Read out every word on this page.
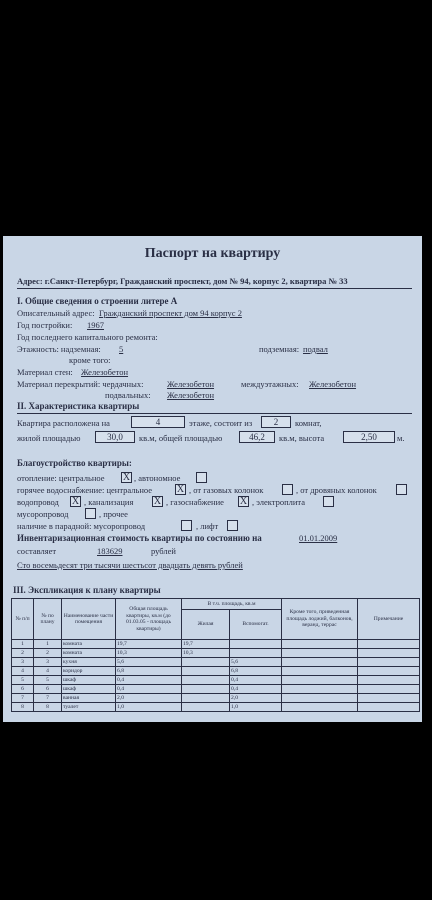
Паспорт на квартиру
Адрес: г.Санкт-Петербург, Гражданский проспект, дом № 94, корпус 2, квартира № 33
I. Общие сведения о строении литере А
Описательный адрес: Гражданский проспект дом 94 корпус 2
Год постройки: 1967
Год последнего капитального ремонта:
Этажность: надземная: 5	подземная: подвал
кроме того:
Материал стен: Железобетон
Материал перекрытий: чердачных:	Железобетон	междуэтажных: Железобетон
подвальных: Железобетон
II. Характеристика квартиры
Квартира расположена на	4	этаже, состоит из	2	комнат,
жилой площадью	30,0	кв.м, общей площадью	46,2	кв.м, высота	2,50	м.
Благоустройство квартиры:
отопление: центральное X , автономное
горячее водоснабжение: центральное X , от газовых колонок	, от дровяных колонок
водопровод X , канализация X , газоснабжение X , электроплита
мусоропровод	, прочее
наличие в парадной: мусоропровод	, лифт
Инвентаризационная стоимость квартиры по состоянию на	01.01.2009
составляет	183629	рублей
Сто восемьдесят три тысячи шестьсот двадцать девять рублей
III. Экспликация к плану квартиры
№ п/п	№ по плану	Наименование части помещения	Общая площадь квартиры, кв.м (до 01.03.05 - площадь квартиры)	В т.ч. площадь, кв.м		Кроме того, приведенная площадь лоджий, балконов, веранд, террас	Примечание
				Жилая	Вспомогат.		
1	1	комната	19,7	19,7			
2	2	комната	10,3	10,3			
3	3	кухня	5,6		5,6		
4	4	коридор	6,8		6,8		
5	5	шкаф	0,4		0,4		
6	6	шкаф	0,4		0,4		
7	7	ванная	2,0		2,0		
8	8	туалет	1,0		1,0		
